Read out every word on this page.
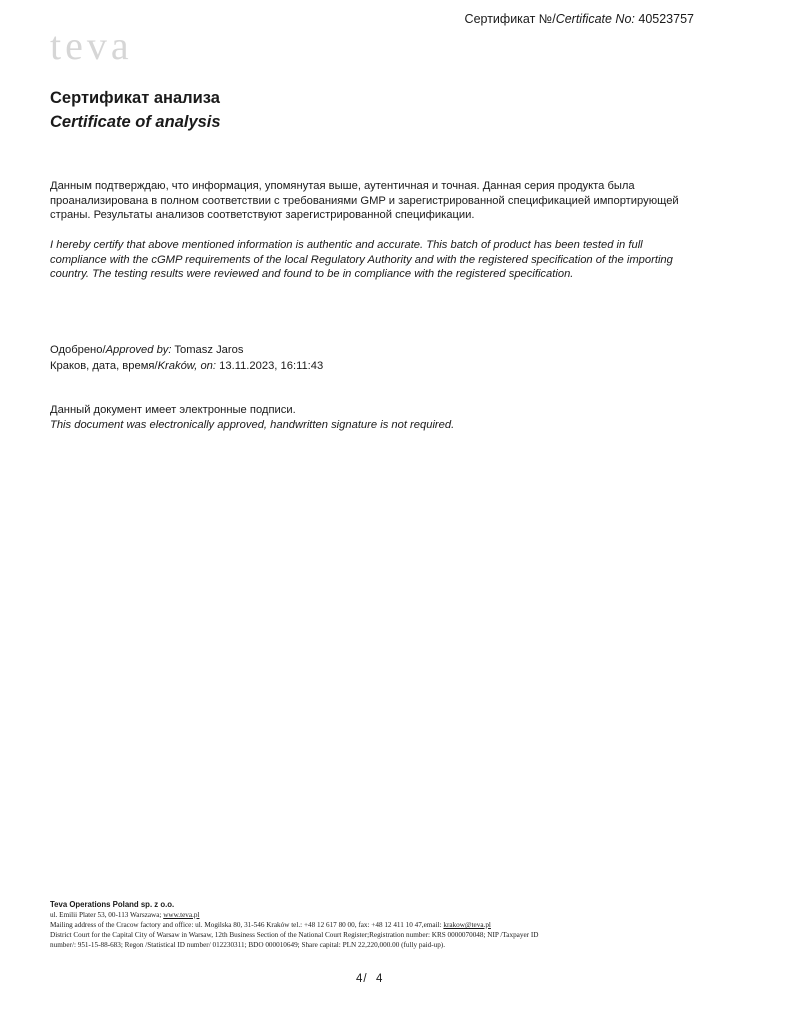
Сертификат №/Certificate No: 40523757
teva
Сертификат анализа
Certificate of analysis
Данным подтверждаю, что информация, упомянутая выше, аутентичная и точная. Данная серия продукта была проанализирована в полном соответствии с требованиями GMP и зарегистрированной спецификацией импортирующей страны. Результаты анализов соответствуют зарегистрированной спецификации.
I hereby certify that above mentioned information is authentic and accurate. This batch of product has been tested in full compliance with the cGMP requirements of the local Regulatory Authority and with the registered specification of the importing country. The testing results were reviewed and found to be in compliance with the registered specification.
Одобрено/Approved by: Tomasz Jaros
Краков, дата, время/Kraków, on: 13.11.2023, 16:11:43
Данный документ имеет электронные подписи.
This document was electronically approved, handwritten signature is not required.
Teva Operations Poland sp. z o.o.
ul. Emilii Plater 53, 00-113 Warszawa; www.teva.pl
Mailing address of the Cracow factory and office: ul. Mogilska 80, 31-546 Kraków tel.: +48 12 617 80 00, fax: +48 12 411 10 47,email: krakow@teva.pl
District Court for the Capital City of Warsaw in Warsaw, 12th Business Section of the National Court Register;Registration number: KRS 0000070048; NIP /Taxpayer ID
number/: 951-15-88-683; Regon /Statistical ID number/ 012230311; BDO 000010649; Share capital: PLN 22,220,000.00 (fully paid-up).
4/ 4
